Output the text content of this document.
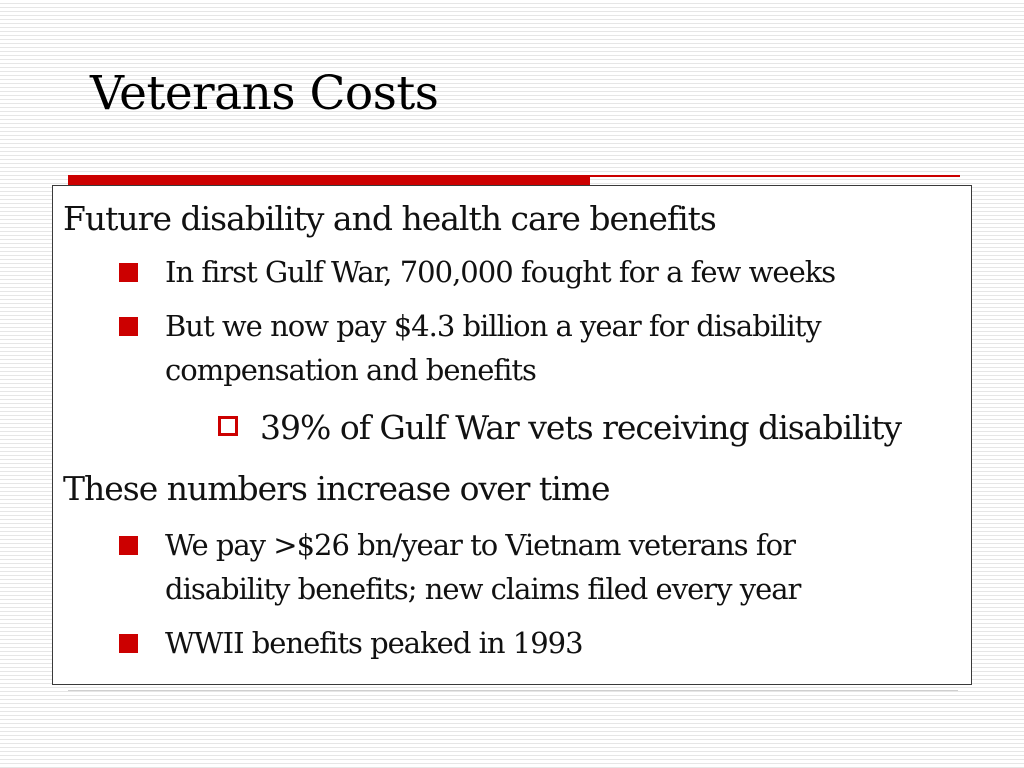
Veterans Costs

Future disability and health care benefits

In first Gulf War, 700,000 fought for a few weeks
But we now pay $4.3 billion a year for disability compensation and benefits

39% of Gulf War vets receiving disability

These numbers increase over time

We pay >$26 bn/year to Vietnam veterans for disability benefits; new claims filed every year
WWII benefits peaked in 1993
